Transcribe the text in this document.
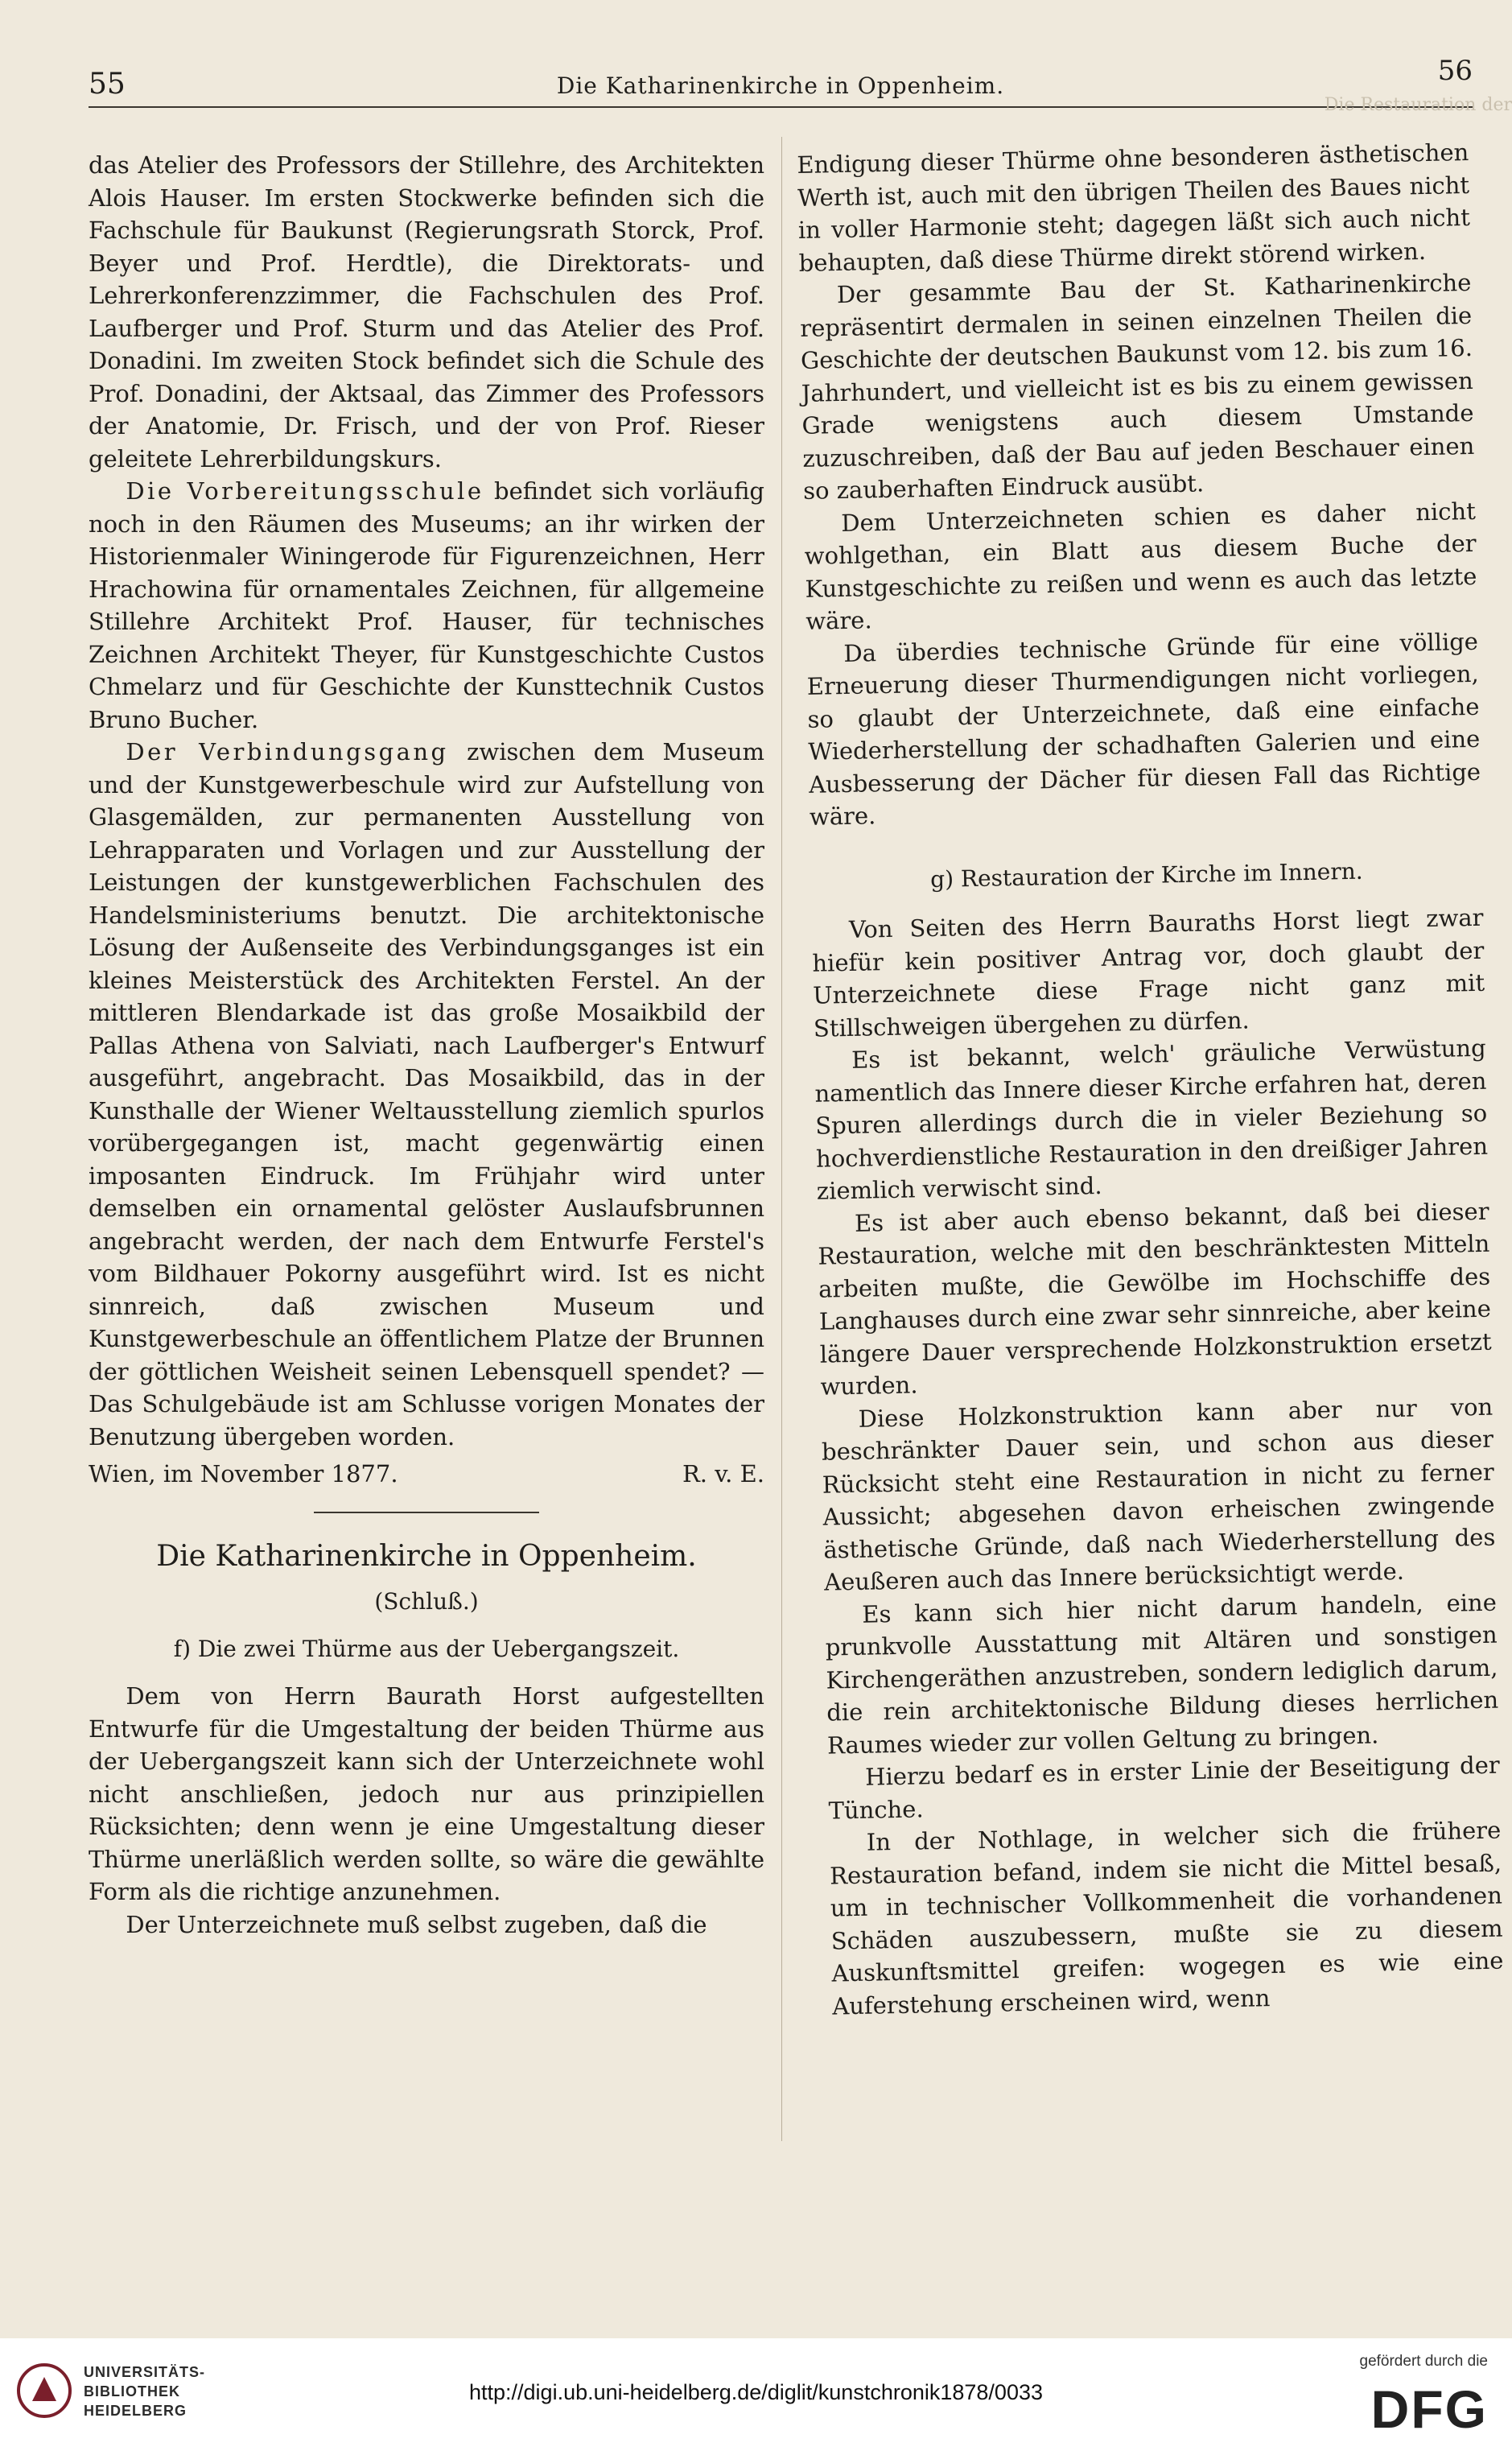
55	Die Katharinenkirche in Oppenheim.	56
Die Restauration der

das Atelier des Professors der Stillehre, des Architekten Alois Hauser. Im ersten Stockwerke befinden sich die Fachschule für Baukunst (Regierungsrath Storck, Prof. Beyer und Prof. Herdtle), die Direktorats- und Lehrerkonferenzzimmer, die Fachschulen des Prof. Laufberger und Prof. Sturm und das Atelier des Prof. Donadini. Im zweiten Stock befindet sich die Schule des Prof. Donadini, der Aktsaal, das Zimmer des Professors der Anatomie, Dr. Frisch, und der von Prof. Rieser geleitete Lehrerbildungskurs.

Die Vorbereitungsschule befindet sich vorläufig noch in den Räumen des Museums; an ihr wirken der Historienmaler Winingerode für Figurenzeichnen, Herr Hrachowina für ornamentales Zeichnen, für allgemeine Stillehre Architekt Prof. Hauser, für technisches Zeichnen Architekt Theyer, für Kunstgeschichte Custos Chmelarz und für Geschichte der Kunsttechnik Custos Bruno Bucher.

Der Verbindungsgang zwischen dem Museum und der Kunstgewerbeschule wird zur Aufstellung von Glasgemälden, zur permanenten Ausstellung von Lehrapparaten und Vorlagen und zur Ausstellung der Leistungen der kunstgewerblichen Fachschulen des Handelsministeriums benutzt. Die architektonische Lösung der Außenseite des Verbindungsganges ist ein kleines Meisterstück des Architekten Ferstel. An der mittleren Blendarkade ist das große Mosaikbild der Pallas Athena von Salviati, nach Laufberger's Entwurf ausgeführt, angebracht. Das Mosaikbild, das in der Kunsthalle der Wiener Weltausstellung ziemlich spurlos vorübergegangen ist, macht gegenwärtig einen imposanten Eindruck. Im Frühjahr wird unter demselben ein ornamental gelöster Auslaufsbrunnen angebracht werden, der nach dem Entwurfe Ferstel's vom Bildhauer Pokorny ausgeführt wird. Ist es nicht sinnreich, daß zwischen Museum und Kunstgewerbeschule an öffentlichem Platze der Brunnen der göttlichen Weisheit seinen Lebensquell spendet? — Das Schulgebäude ist am Schlusse vorigen Monates der Benutzung übergeben worden.

Wien, im November 1877.	R. v. E.

Die Katharinenkirche in Oppenheim.

(Schluß.)

f) Die zwei Thürme aus der Uebergangszeit.

Dem von Herrn Baurath Horst aufgestellten Entwurfe für die Umgestaltung der beiden Thürme aus der Uebergangszeit kann sich der Unterzeichnete wohl nicht anschließen, jedoch nur aus prinzipiellen Rücksichten; denn wenn je eine Umgestaltung dieser Thürme unerläßlich werden sollte, so wäre die gewählte Form als die richtige anzunehmen.

Der Unterzeichnete muß selbst zugeben, daß die

Endigung dieser Thürme ohne besonderen ästhetischen Werth ist, auch mit den übrigen Theilen des Baues nicht in voller Harmonie steht; dagegen läßt sich auch nicht behaupten, daß diese Thürme direkt störend wirken.

Der gesammte Bau der St. Katharinenkirche repräsentirt dermalen in seinen einzelnen Theilen die Geschichte der deutschen Baukunst vom 12. bis zum 16. Jahrhundert, und vielleicht ist es bis zu einem gewissen Grade wenigstens auch diesem Umstande zuzuschreiben, daß der Bau auf jeden Beschauer einen so zauberhaften Eindruck ausübt.

Dem Unterzeichneten schien es daher nicht wohlgethan, ein Blatt aus diesem Buche der Kunstgeschichte zu reißen und wenn es auch das letzte wäre.

Da überdies technische Gründe für eine völlige Erneuerung dieser Thurmendigungen nicht vorliegen, so glaubt der Unterzeichnete, daß eine einfache Wiederherstellung der schadhaften Galerien und eine Ausbesserung der Dächer für diesen Fall das Richtige wäre.

g) Restauration der Kirche im Innern.

Von Seiten des Herrn Bauraths Horst liegt zwar hiefür kein positiver Antrag vor, doch glaubt der Unterzeichnete diese Frage nicht ganz mit Stillschweigen übergehen zu dürfen.

Es ist bekannt, welch' gräuliche Verwüstung namentlich das Innere dieser Kirche erfahren hat, deren Spuren allerdings durch die in vieler Beziehung so hochverdienstliche Restauration in den dreißiger Jahren ziemlich verwischt sind.

Es ist aber auch ebenso bekannt, daß bei dieser Restauration, welche mit den beschränktesten Mitteln arbeiten mußte, die Gewölbe im Hochschiffe des Langhauses durch eine zwar sehr sinnreiche, aber keine längere Dauer versprechende Holzkonstruktion ersetzt wurden.

Diese Holzkonstruktion kann aber nur von beschränkter Dauer sein, und schon aus dieser Rücksicht steht eine Restauration in nicht zu ferner Aussicht; abgesehen davon erheischen zwingende ästhetische Gründe, daß nach Wiederherstellung des Aeußeren auch das Innere berücksichtigt werde.

Es kann sich hier nicht darum handeln, eine prunkvolle Ausstattung mit Altären und sonstigen Kirchengeräthen anzustreben, sondern lediglich darum, die rein architektonische Bildung dieses herrlichen Raumes wieder zur vollen Geltung zu bringen.

Hierzu bedarf es in erster Linie der Beseitigung der Tünche.

In der Nothlage, in welcher sich die frühere Restauration befand, indem sie nicht die Mittel besaß, um in technischer Vollkommenheit die vorhandenen Schäden auszubessern, mußte sie zu diesem Auskunftsmittel greifen: wogegen es wie eine Auferstehung erscheinen wird, wenn

UNIVERSITÄTS-
BIBLIOTHEK
HEIDELBERG
http://digi.ub.uni-heidelberg.de/diglit/kunstchronik1878/0033
gefördert durch die
DFG
